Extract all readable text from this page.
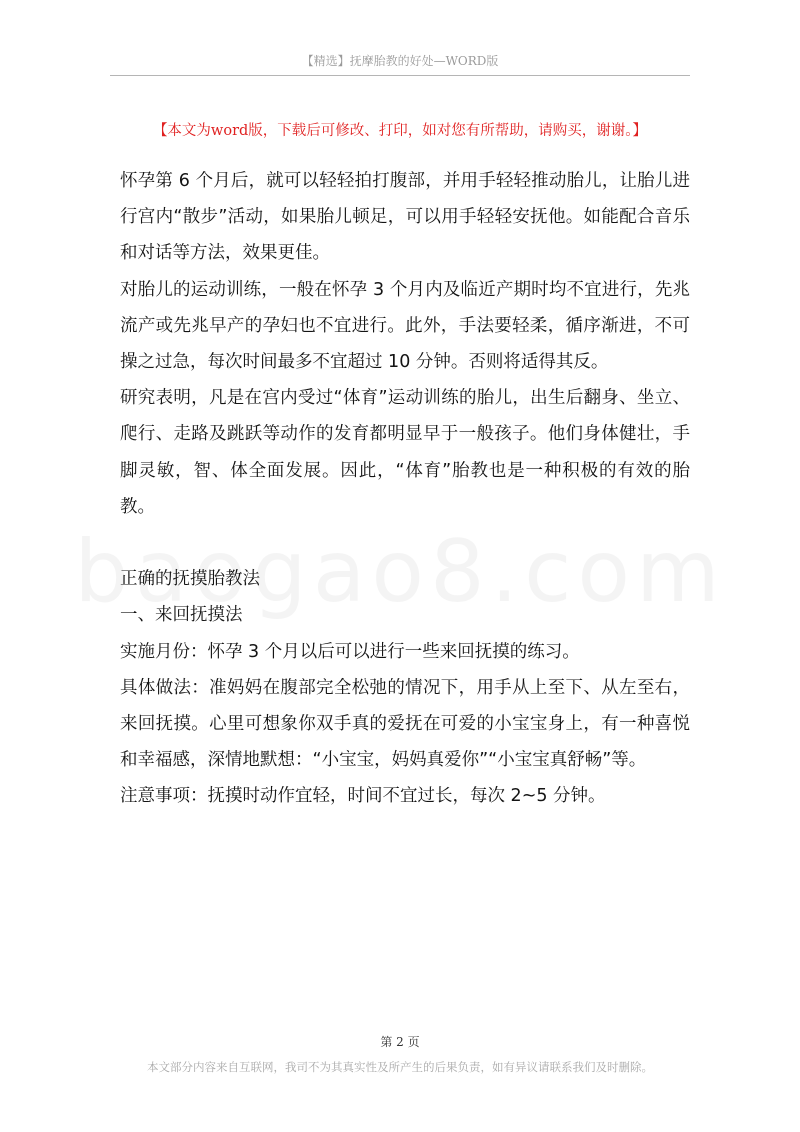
【精选】抚摩胎教的好处—WORD版
【本文为word版，下载后可修改、打印，如对您有所帮助，请购买，谢谢。】

怀孕第 6 个月后，就可以轻轻拍打腹部，并用手轻轻推动胎儿，让胎儿进行宫内“散步”活动，如果胎儿顿足，可以用手轻轻安抚他。如能配合音乐和对话等方法，效果更佳。

对胎儿的运动训练，一般在怀孕 3 个月内及临近产期时均不宜进行，先兆流产或先兆早产的孕妇也不宜进行。此外，手法要轻柔，循序渐进，不可操之过急，每次时间最多不宜超过 10 分钟。否则将适得其反。

研究表明，凡是在宫内受过“体育”运动训练的胎儿，出生后翻身、坐立、爬行、走路及跳跃等动作的发育都明显早于一般孩子。他们身体健壮，手脚灵敏，智、体全面发展。因此，“体育”胎教也是一种积极的有效的胎教。

正确的抚摸胎教法

一、来回抚摸法

实施月份：怀孕 3 个月以后可以进行一些来回抚摸的练习。

具体做法：准妈妈在腹部完全松弛的情况下，用手从上至下、从左至右，来回抚摸。心里可想象你双手真的爱抚在可爱的小宝宝身上，有一种喜悦和幸福感，深情地默想：“小宝宝，妈妈真爱你”“小宝宝真舒畅”等。

注意事项：抚摸时动作宜轻，时间不宜过长，每次 2~5 分钟。

第 2 页
本文部分内容来自互联网，我司不为其真实性及所产生的后果负责，如有异议请联系我们及时删除。
